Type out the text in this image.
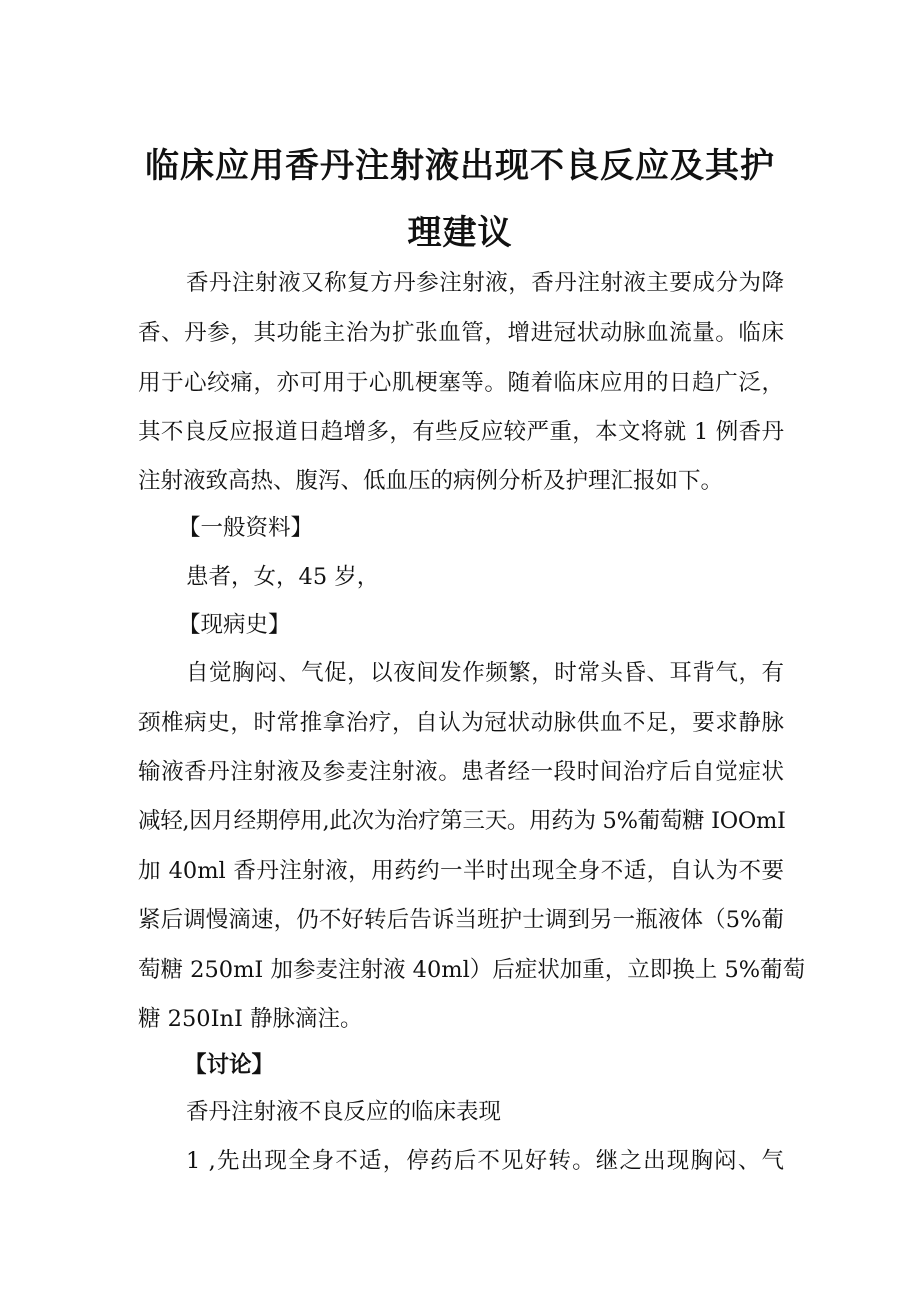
临床应用香丹注射液出现不良反应及其护
理建议
香丹注射液又称复方丹参注射液，香丹注射液主要成分为降
香、丹参，其功能主治为扩张血管，增进冠状动脉血流量。临床
用于心绞痛，亦可用于心肌梗塞等。随着临床应用的日趋广泛，
其不良反应报道日趋增多，有些反应较严重，本文将就 1 例香丹
注射液致高热、腹泻、低血压的病例分析及护理汇报如下。
【一般资料】
患者，女，45 岁，
【现病史】
自觉胸闷、气促，以夜间发作频繁，时常头昏、耳背气，有
颈椎病史，时常推拿治疗，自认为冠状动脉供血不足，要求静脉
输液香丹注射液及参麦注射液。患者经一段时间治疗后自觉症状
减轻,因月经期停用,此次为治疗第三天。用药为 5%葡萄糖 IOOmI
加 40ml 香丹注射液，用药约一半时出现全身不适，自认为不要
紧后调慢滴速，仍不好转后告诉当班护士调到另一瓶液体（5%葡
萄糖 250mI 加参麦注射液 40ml）后症状加重，立即换上 5%葡萄
糖 250InI 静脉滴注。
【讨论】
香丹注射液不良反应的临床表现
1 ,先出现全身不适，停药后不见好转。继之出现胸闷、气
